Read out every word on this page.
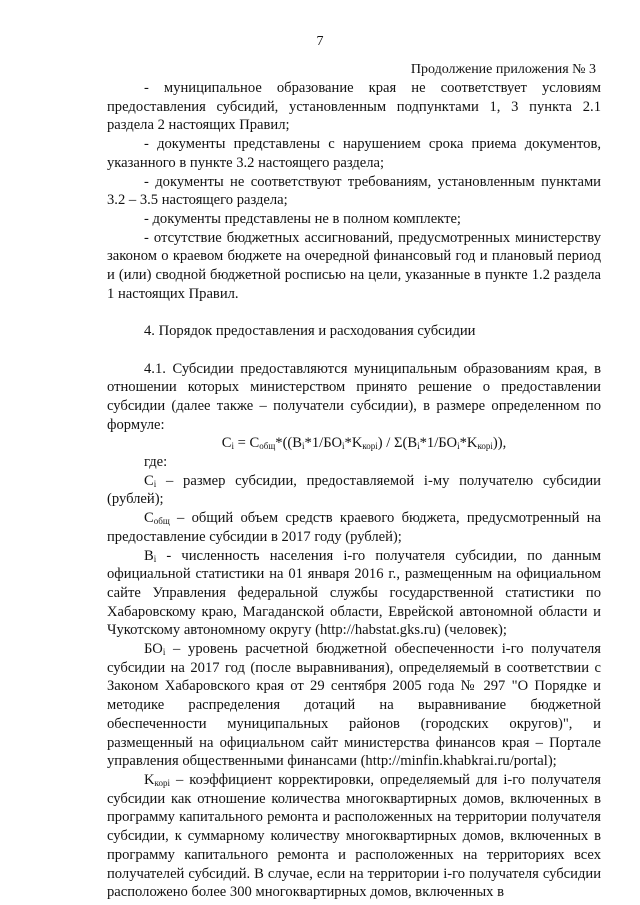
7
Продолжение приложения № 3

- муниципальное образование края не соответствует условиям предоставления субсидий, установленным подпунктами 1, 3 пункта 2.1 раздела 2 настоящих Правил;

- документы представлены с нарушением срока приема документов, указанного в пункте 3.2 настоящего раздела;

- документы не соответствуют требованиям, установленным пунктами 3.2 – 3.5 настоящего раздела;

- документы представлены не в полном комплекте;

- отсутствие бюджетных ассигнований, предусмотренных министерству законом о краевом бюджете на очередной финансовый год и плановый период и (или) сводной бюджетной росписью на цели, указанные в пункте 1.2 раздела 1 настоящих Правил.

4. Порядок предоставления и расходования субсидии

4.1. Субсидии предоставляются муниципальным образованиям края, в отношении которых министерством принято решение о предоставлении субсидии (далее также – получатели субсидии), в размере определенном по формуле:

$C_i = C_{общ}*((B_i*1/БО_i*K_{корі}) / \Sigma(B_i*1/БО_i*K_{корі}))$,

где:

$C_i$ – размер субсидии, предоставляемой i-му получателю субсидии (рублей);

$C_{общ}$ – общий объем средств краевого бюджета, предусмотренный на предоставление субсидии в 2017 году (рублей);

$B_i$ - численность населения i-го получателя субсидии, по данным официальной статистики на 01 января 2016 г., размещенным на официальном сайте Управления федеральной службы государственной статистики по Хабаровскому краю, Магаданской области, Еврейской автономной области и Чукотскому автономному округу (http://habstat.gks.ru) (человек);

$БО_i$ – уровень расчетной бюджетной обеспеченности i-го получателя субсидии на 2017 год (после выравнивания), определяемый в соответствии с Законом Хабаровского края от 29 сентября 2005 года № 297 "О Порядке и методике распределения дотаций на выравнивание бюджетной обеспеченности муниципальных районов (городских округов)", и размещенный на официальном сайт министерства финансов края – Портале управления общественными финансами (http://minfin.khabkrai.ru/portal);

$K_{корі}$ – коэффициент корректировки, определяемый для i-го получателя субсидии как отношение количества многоквартирных домов, включенных в программу капитального ремонта и расположенных на территории получателя субсидии, к суммарному количеству многоквартирных домов, включенных в программу капитального ремонта и расположенных на территориях всех получателей субсидий. В случае, если на территории i-го получателя субсидии расположено более 300 многоквартирных домов, включенных в
